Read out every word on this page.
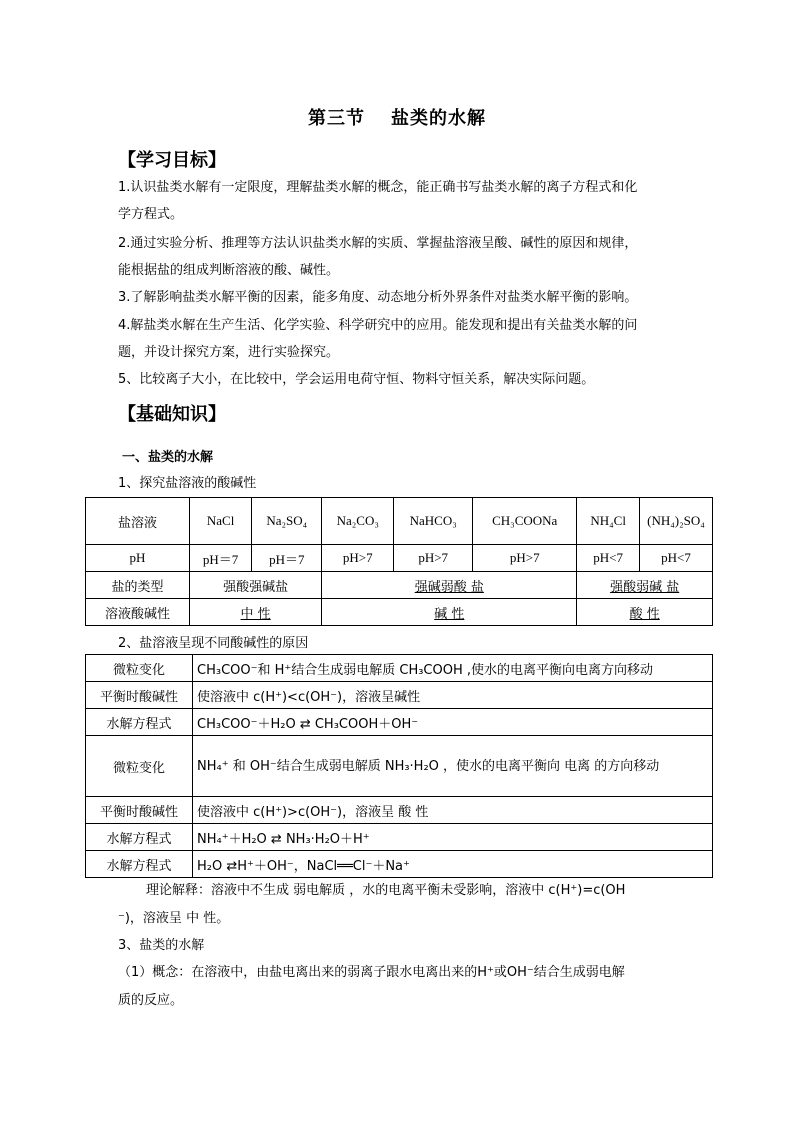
第三节 盐类的水解
【学习目标】
1.认识盐类水解有一定限度，理解盐类水解的概念，能正确书写盐类水解的离子方程式和化
学方程式。
2.通过实验分析、推理等方法认识盐类水解的实质、掌握盐溶液呈酸、碱性的原因和规律，
能根据盐的组成判断溶液的酸、碱性。
3.了解影响盐类水解平衡的因素，能多角度、动态地分析外界条件对盐类水解平衡的影响。
4.解盐类水解在生产生活、化学实验、科学研究中的应用。能发现和提出有关盐类水解的问
题，并设计探究方案，进行实验探究。
5、比较离子大小，在比较中，学会运用电荷守恒、物料守恒关系，解决实际问题。
【基础知识】
一、盐类的水解
1、探究盐溶液的酸碱性
盐溶液	NaCl	Na₂SO₄	Na₂CO₃	NaHCO₃	CH₃COONa	NH₄Cl	(NH₄)₂SO₄
pH	pH＝7	pH＝7	pH>7	pH>7	pH>7	pH<7	pH<7
盐的类型	强酸强碱盐		强碱弱酸 盐			强酸弱碱 盐	
溶液酸碱性	中 性		碱 性			酸 性	
2、盐溶液呈现不同酸碱性的原因
微粒变化	CH₃COO⁻和 H⁺结合生成弱电解质 CH₃COOH ,使水的电离平衡向电离方向移动
平衡时酸碱性	使溶液中 c(H⁺)<c(OH⁻)，溶液呈碱性
水解方程式	CH₃COO⁻＋H₂O ⇄ CH₃COOH＋OH⁻
微粒变化	NH₄⁺ 和 OH⁻结合生成弱电解质 NH₃·H₂O ，使水的电离平衡向 电离 的方向移动
平衡时酸碱性	使溶液中 c(H⁺)>c(OH⁻)，溶液呈 酸 性
水解方程式	NH₄⁺＋H₂O ⇄ NH₃·H₂O＋H⁺
水解方程式	H₂O ⇄H⁺＋OH⁻，NaCl══Cl⁻＋Na⁺
理论解释：溶液中不生成 弱电解质 ，水的电离平衡未受影响，溶液中 c(H⁺)=c(OH
⁻)，溶液呈 中 性。
3、盐类的水解
（1）概念：在溶液中，由盐电离出来的弱离子跟水电离出来的H⁺或OH⁻结合生成弱电解
质的反应。
